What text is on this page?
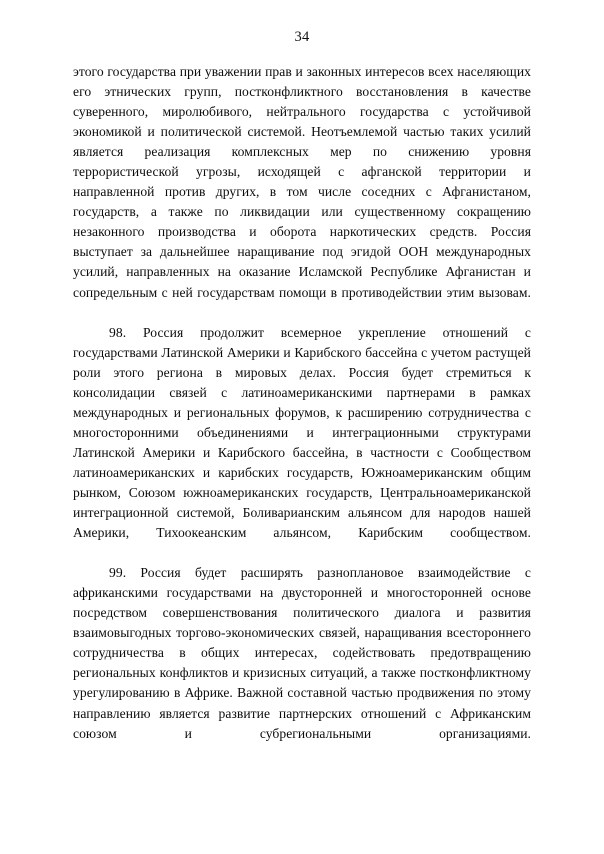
34

этого государства при уважении прав и законных интересов всех населяющих его этнических групп, постконфликтного восстановления в качестве суверенного, миролюбивого, нейтрального государства с устойчивой экономикой и политической системой. Неотъемлемой частью таких усилий является реализация комплексных мер по снижению уровня террористической угрозы, исходящей с афганской территории и направленной против других, в том числе соседних с Афганистаном, государств, а также по ликвидации или существенному сокращению незаконного производства и оборота наркотических средств. Россия выступает за дальнейшее наращивание под эгидой ООН международных усилий, направленных на оказание Исламской Республике Афганистан и сопредельным с ней государствам помощи в противодействии этим вызовам.

98. Россия продолжит всемерное укрепление отношений с государствами Латинской Америки и Карибского бассейна с учетом растущей роли этого региона в мировых делах. Россия будет стремиться к консолидации связей с латиноамериканскими партнерами в рамках международных и региональных форумов, к расширению сотрудничества с многосторонними объединениями и интеграционными структурами Латинской Америки и Карибского бассейна, в частности с Сообществом латиноамериканских и карибских государств, Южноамериканским общим рынком, Союзом южноамериканских государств, Центральноамериканской интеграционной системой, Боливарианским альянсом для народов нашей Америки, Тихоокеанским альянсом, Карибским сообществом.

99. Россия будет расширять разноплановое взаимодействие с африканскими государствами на двусторонней и многосторонней основе посредством совершенствования политического диалога и развития взаимовыгодных торгово-экономических связей, наращивания всестороннего сотрудничества в общих интересах, содействовать предотвращению региональных конфликтов и кризисных ситуаций, а также постконфликтному урегулированию в Африке. Важной составной частью продвижения по этому направлению является развитие партнерских отношений с Африканским союзом и субрегиональными организациями.
